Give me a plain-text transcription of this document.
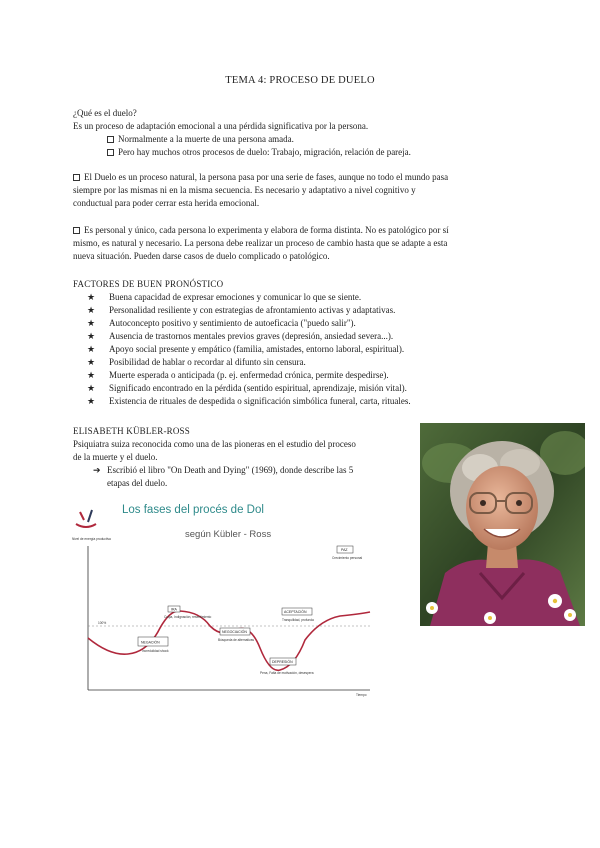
TEMA 4: PROCESO DE DUELO

¿Qué es el duelo?

Es un proceso de adaptación emocional a una pérdida significativa por la persona.

Normalmente a la muerte de una persona amada.

Pero hay muchos otros procesos de duelo: Trabajo, migración, relación de pareja.

El Duelo es un proceso natural, la persona pasa por una serie de fases, aunque no todo el mundo pasa

siempre por las mismas ni en la misma secuencia. Es necesario y adaptativo a nivel cognitivo y

conductual para poder cerrar esta herida emocional.

Es personal y único, cada persona lo experimenta y elabora de forma distinta. No es patológico por sí

mismo, es natural y necesario. La persona debe realizar un proceso de cambio hasta que se adapte a esta

nueva situación. Pueden darse casos de duelo complicado o patológico.

FACTORES DE BUEN PRONÓSTICO

★ Buena capacidad de expresar emociones y comunicar lo que se siente.
★ Personalidad resiliente y con estrategias de afrontamiento activas y adaptativas.
★ Autoconcepto positivo y sentimiento de autoeficacia ("puedo salir").
★ Ausencia de trastornos mentales previos graves (depresión, ansiedad severa...).
★ Apoyo social presente y empático (familia, amistades, entorno laboral, espiritual).
★ Posibilidad de hablar o recordar al difunto sin censura.
★ Muerte esperada o anticipada (p. ej. enfermedad crónica, permite despedirse).
★ Significado encontrado en la pérdida (sentido espiritual, aprendizaje, misión vital).
★ Existencia de rituales de despedida o significación simbólica funeral, carta, rituales.

ELISABETH KÜBLER-ROSS

Psiquiatra suiza reconocida como una de las pioneras en el estudio del proceso

de la muerte y el duelo.

➔ Escribió el libro "On Death and Dying" (1969), donde describe las 5

etapas del duelo.

NEGACIÓN
IRA
NEGOCIACIÓN
DEPRESIÓN
ACEPTACIÓN
PAZ
Nivel de energía productiva
Tiempo
100%
Culpa, Indignación, resentimiento
Incredulidad shock
Búsqueda de alternativas
Pena, Falta de motivación, desespera
Tranquilidad, profunda
Crecimiento personal
Los fases del procés de Dol
según Kübler - Ross
